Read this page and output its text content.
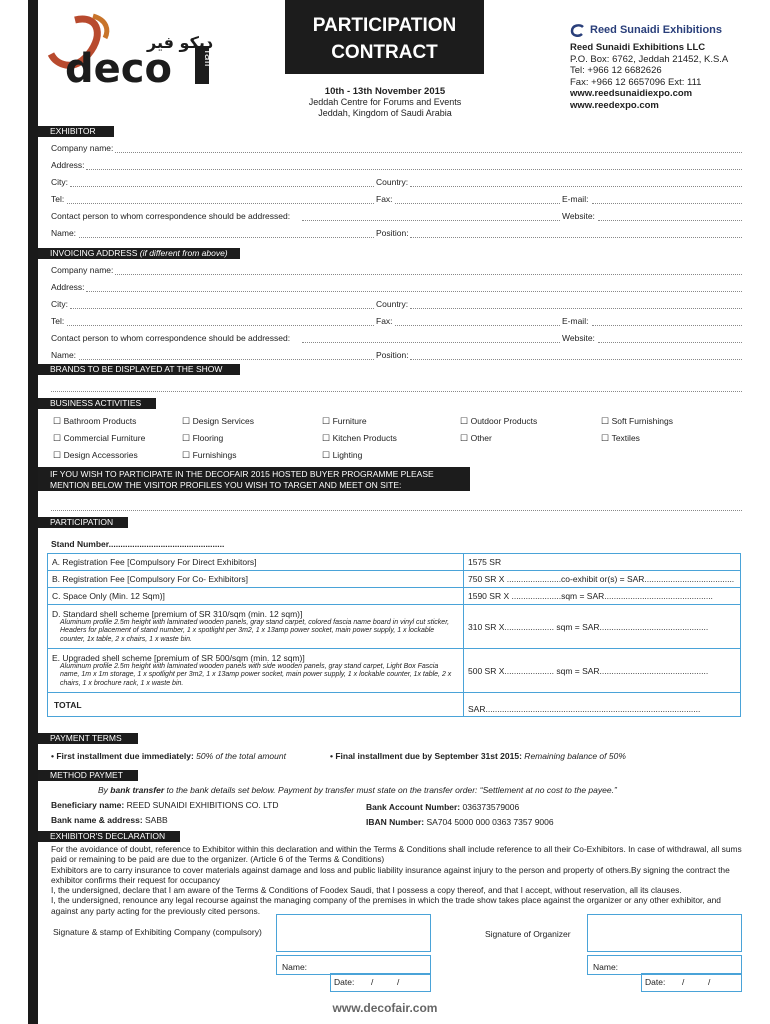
deco	fair
ديكو فير
PARTICIPATION
CONTRACT
10th - 13th November 2015
Jeddah Centre for Forums and Events
Jeddah, Kingdom of Saudi Arabia
Reed Sunaidi Exhibitions
Reed Sunaidi Exhibitions LLC
P.O. Box: 6762, Jeddah 21452, K.S.A
Tel: +966 12 6682626
Fax: +966 12 6657096 Ext: 111
www.reedsunaidiexpo.com
www.reedexpo.com
EXHIBITOR
Company name:
Address:
City:	Country:
Tel:	Fax:	E-mail:
Contact person to whom correspondence should be addressed:	Website:
Name:	Position:
INVOICING ADDRESS (if different from above)
Company name:
Address:
City:	Country:
Tel:	Fax:	E-mail:
Contact person to whom correspondence should be addressed:	Website:
Name:	Position:
BRANDS TO BE DISPLAYED AT THE SHOW
BUSINESS ACTIVITIES
☐ Bathroom Products	☐ Design Services	☐ Furniture	☐ Outdoor Products	☐ Soft Furnishings
☐ Commercial Furniture	☐ Flooring	☐ Kitchen Products	☐ Other	☐ Textiles
☐ Design Accessories	☐ Furnishings	☐ Lighting
IF YOU WISH TO PARTICIPATE IN THE DECOFAIR 2015 HOSTED BUYER PROGRAMME PLEASE
MENTION BELOW THE VISITOR PROFILES YOU WISH TO TARGET AND MEET ON SITE:
PARTICIPATION
Stand Number.................................................
A. Registration Fee [Compulsory For Direct Exhibitors]	1575 SR
B. Registration Fee [Compulsory For Co- Exhibitors]	750 SR X .......................co-exhibit or(s) = SAR......................................
C. Space Only (Min. 12 Sqm)]	1590 SR X .....................sqm = SAR..............................................

D. Standard shell scheme [premium of SR 310/sqm (min. 12 sqm)]
Aluminum profile 2.5m height with laminated wooden panels, gray stand carpet, colored fascia name board in vinyl cut sticker, Headers for placement of stand number, 1 x spotlight per 3m2, 1 x 13amp power socket, main power supply, 1 x lockable counter, 1x table, 2 x chairs, 1 x waste bin.	310 SR X..................... sqm = SAR..............................................

E. Upgraded shell scheme [premium of SR 500/sqm (min. 12 sqm)]
Aluminum profile 2.5m height with laminated wooden panels with side wooden panels, gray stand carpet, Light Box Fascia name, 1m x 1m storage, 1 x spotlight per 3m2, 1 x 13amp power socket, main power supply, 1 x lockable counter, 1x table, 2 x chairs, 1 x brochure rack, 1 x waste bin.	500 SR X..................... sqm = SAR..............................................
TOTAL	SAR...........................................................................................
PAYMENT TERMS
• First installment due immediately: 50% of the total amount	• Final installment due by September 31st 2015: Remaining balance of 50%
METHOD PAYMET
By bank transfer to the bank details set below. Payment by transfer must state on the transfer order: “Settlement at no cost to the payee.”
Beneficiary name: REED SUNAIDI EXHIBITIONS CO. LTD	Bank Account Number: 036373579006
Bank name & address: SABB	IBAN Number: SA704 5000 000 0363 7357 9006
EXHIBITOR'S DECLARATION
For the avoidance of doubt, reference to Exhibitor within this declaration and within the Terms & Conditions shall include reference to all their Co-Exhibitors. In case of withdrawal, all sums paid or remaining to be paid are due to the organizer. (Article 6 of the Terms & Conditions)
Exhibitors are to carry insurance to cover materials against damage and loss and public liability insurance against injury to the person and property of others.By signing the contract the exhibitor confirms their request for occupancy
I, the undersigned, declare that I am aware of the Terms & Conditions of Foodex Saudi, that I possess a copy thereof, and that I accept, without reservation, all its clauses.
I, the undersigned, renounce any legal recourse against the managing company of the premises in which the trade show takes place against the organizer or any other exhibitor, and against any party acting for the previously cited persons.
Signature & stamp of Exhibiting Company (compulsory)
Name:
Date: /          /
Signature of Organizer
Name:
Date: /          /
www.decofair.com
